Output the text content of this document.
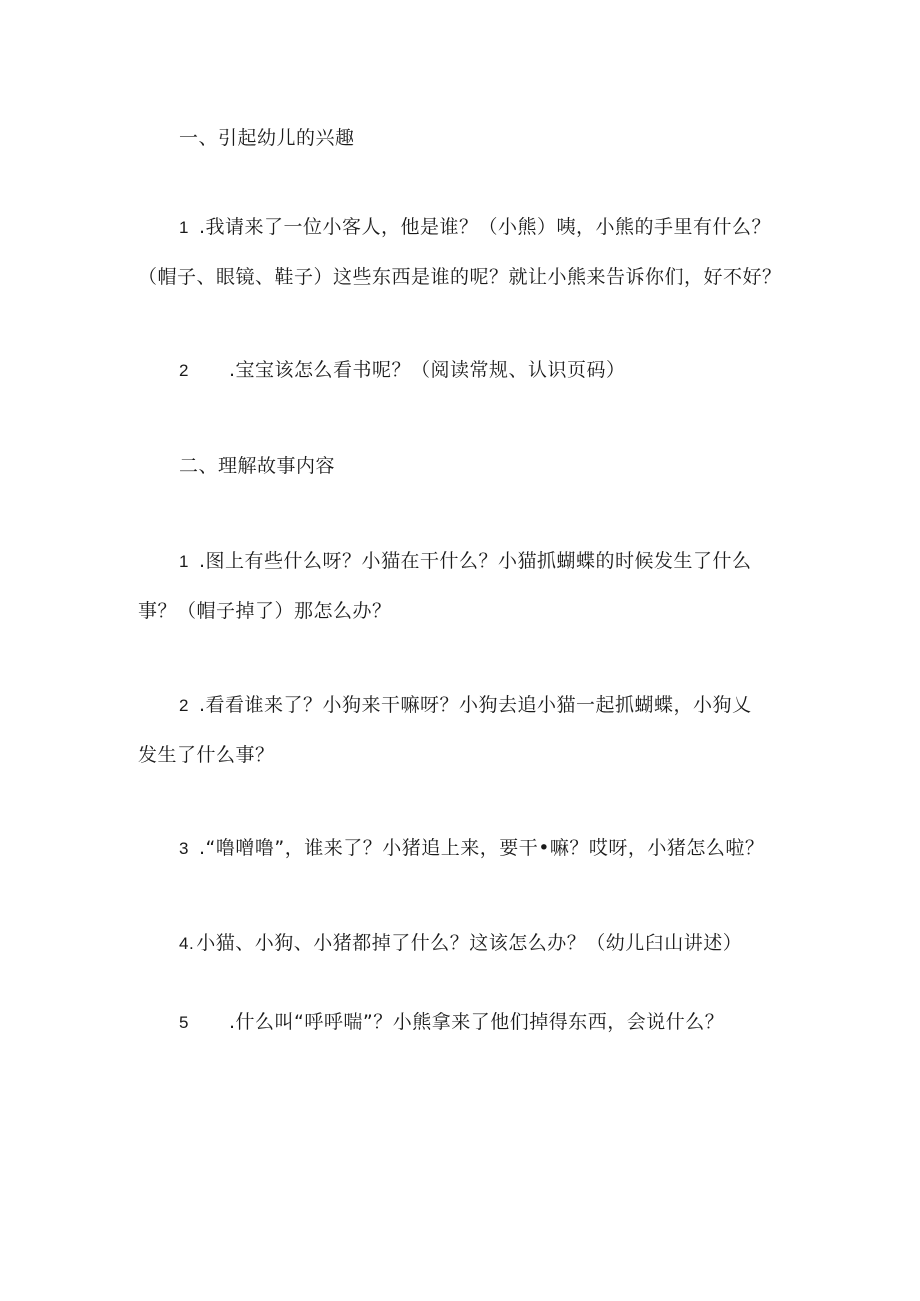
一、引起幼儿的兴趣
1 .我请来了一位小客人，他是谁？（小熊）咦，小熊的手里有什么？
（帽子、眼镜、鞋子）这些东西是谁的呢？就让小熊来告诉你们，好不好？
2 .宝宝该怎么看书呢？（阅读常规、认识页码）
二、理解故事内容
1 .图上有些什么呀？小猫在干什么？小猫抓蝴蝶的时候发生了什么
事？（帽子掉了）那怎么办？
2 .看看谁来了？小狗来干嘛呀？小狗去追小猫一起抓蝴蝶，小狗乂
发生了什么事？
3 .“噜噌噜”，谁来了？小猪追上来，要干•嘛？哎呀，小猪怎么啦？
4. 小猫、小狗、小猪都掉了什么？这该怎么办？（幼儿臼山讲述）
5 .什么叫“呼呼喘”？小熊拿来了他们掉得东西，会说什么？
